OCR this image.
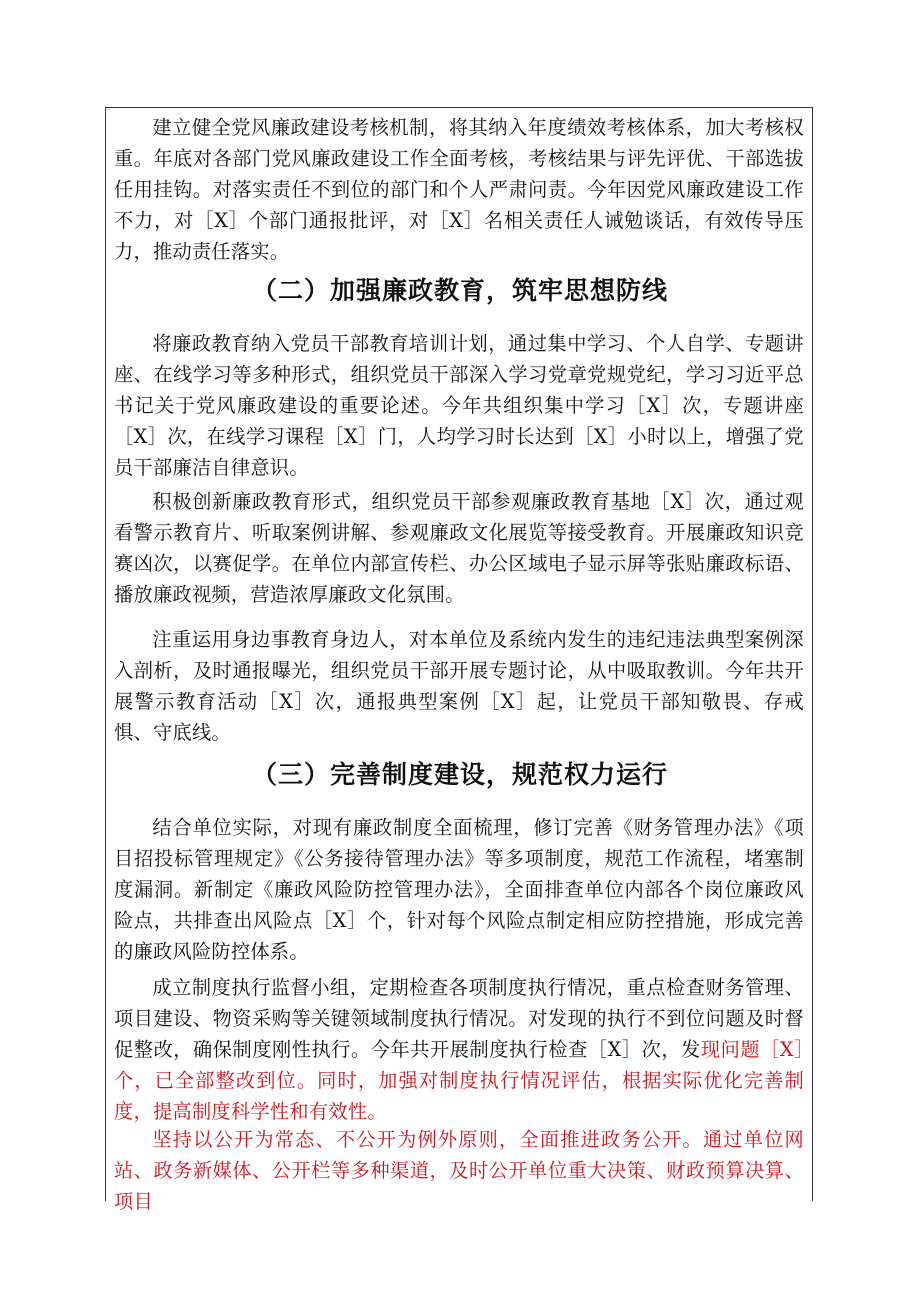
建立健全党风廉政建设考核机制，将其纳入年度绩效考核体系，加大考核权重。年底对各部门党风廉政建设工作全面考核，考核结果与评先评优、干部选拔任用挂钩。对落实责任不到位的部门和个人严肃问责。今年因党风廉政建设工作不力，对［X］个部门通报批评，对［X］名相关责任人诫勉谈话，有效传导压力，推动责任落实。

（二）加强廉政教育，筑牢思想防线

将廉政教育纳入党员干部教育培训计划，通过集中学习、个人自学、专题讲座、在线学习等多种形式，组织党员干部深入学习党章党规党纪，学习习近平总书记关于党风廉政建设的重要论述。今年共组织集中学习［X］次，专题讲座［X］次，在线学习课程［X］门，人均学习时长达到［X］小时以上，增强了党员干部廉洁自律意识。

积极创新廉政教育形式，组织党员干部参观廉政教育基地［X］次，通过观看警示教育片、听取案例讲解、参观廉政文化展览等接受教育。开展廉政知识竞赛凶次，以赛促学。在单位内部宣传栏、办公区域电子显示屏等张贴廉政标语、播放廉政视频，营造浓厚廉政文化氛围。

注重运用身边事教育身边人，对本单位及系统内发生的违纪违法典型案例深入剖析，及时通报曝光，组织党员干部开展专题讨论，从中吸取教训。今年共开展警示教育活动［X］次，通报典型案例［X］起，让党员干部知敬畏、存戒惧、守底线。

（三）完善制度建设，规范权力运行

结合单位实际，对现有廉政制度全面梳理，修订完善《财务管理办法》《项目招投标管理规定》《公务接待管理办法》等多项制度，规范工作流程，堵塞制度漏洞。新制定《廉政风险防控管理办法》，全面排查单位内部各个岗位廉政风险点，共排查出风险点［X］个，针对每个风险点制定相应防控措施，形成完善的廉政风险防控体系。

成立制度执行监督小组，定期检查各项制度执行情况，重点检查财务管理、项目建设、物资采购等关键领域制度执行情况。对发现的执行不到位问题及时督促整改，确保制度刚性执行。今年共开展制度执行检查［X］次，发现问题［X］个，已全部整改到位。同时，加强对制度执行情况评估，根据实际优化完善制度，提高制度科学性和有效性。

坚持以公开为常态、不公开为例外原则，全面推进政务公开。通过单位网站、政务新媒体、公开栏等多种渠道，及时公开单位重大决策、财政预算决算、项目
